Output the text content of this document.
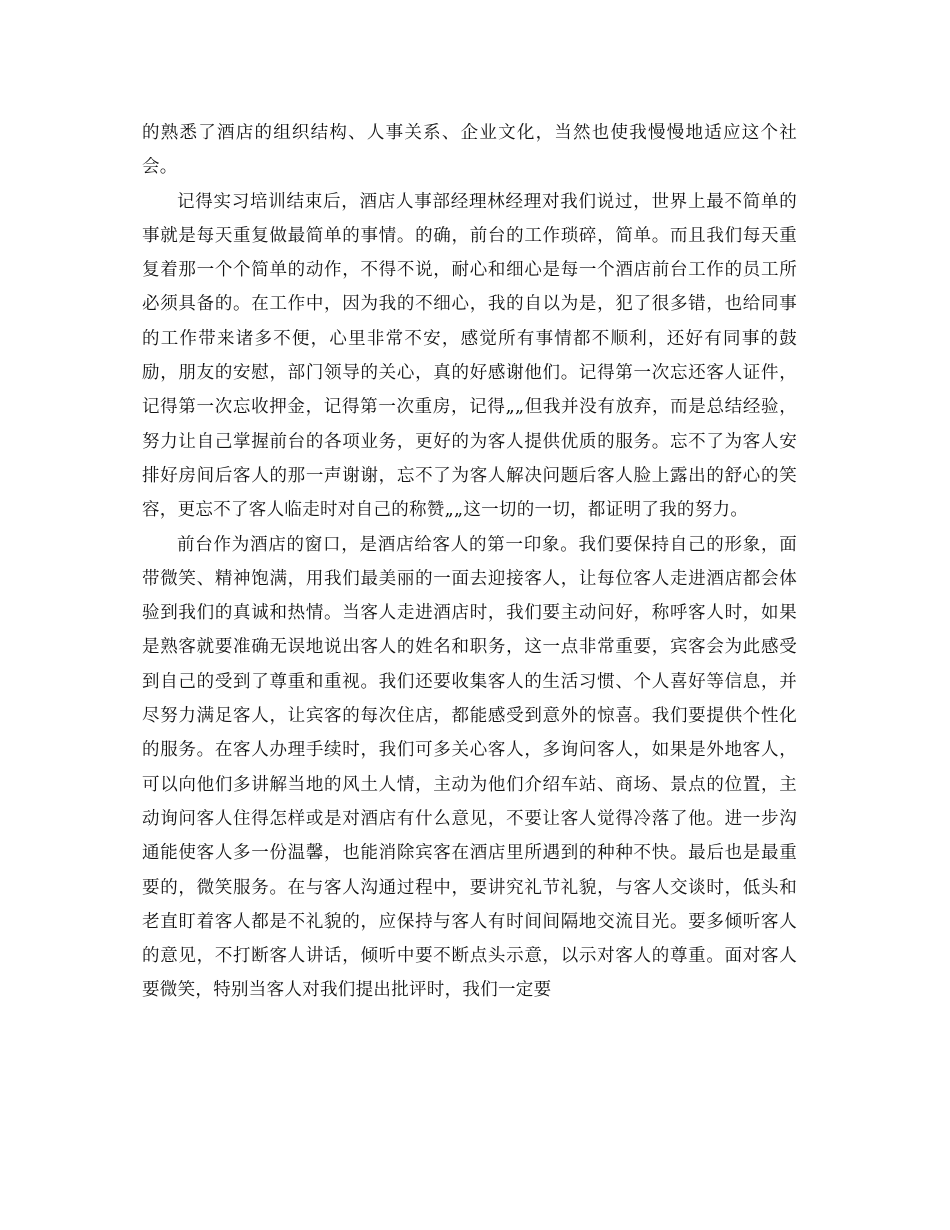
的熟悉了酒店的组织结构、人事关系、企业文化，当然也使我慢慢地适应这个社会。

记得实习培训结束后，酒店人事部经理林经理对我们说过，世界上最不简单的事就是每天重复做最简单的事情。的确，前台的工作琐碎，简单。而且我们每天重复着那一个个简单的动作，不得不说，耐心和细心是每一个酒店前台工作的员工所必须具备的。在工作中，因为我的不细心，我的自以为是，犯了很多错，也给同事的工作带来诸多不便，心里非常不安，感觉所有事情都不顺利，还好有同事的鼓励，朋友的安慰，部门领导的关心，真的好感谢他们。记得第一次忘还客人证件，记得第一次忘收押金，记得第一次重房，记得„„但我并没有放弃，而是总结经验，努力让自己掌握前台的各项业务，更好的为客人提供优质的服务。忘不了为客人安排好房间后客人的那一声谢谢，忘不了为客人解决问题后客人脸上露出的舒心的笑容，更忘不了客人临走时对自己的称赞„„这一切的一切，都证明了我的努力。

前台作为酒店的窗口，是酒店给客人的第一印象。我们要保持自己的形象，面带微笑、精神饱满，用我们最美丽的一面去迎接客人，让每位客人走进酒店都会体验到我们的真诚和热情。当客人走进酒店时，我们要主动问好，称呼客人时，如果是熟客就要准确无误地说出客人的姓名和职务，这一点非常重要，宾客会为此感受到自己的受到了尊重和重视。我们还要收集客人的生活习惯、个人喜好等信息，并尽努力满足客人，让宾客的每次住店，都能感受到意外的惊喜。我们要提供个性化的服务。在客人办理手续时，我们可多关心客人，多询问客人，如果是外地客人，可以向他们多讲解当地的风土人情，主动为他们介绍车站、商场、景点的位置，主动询问客人住得怎样或是对酒店有什么意见，不要让客人觉得冷落了他。进一步沟通能使客人多一份温馨，也能消除宾客在酒店里所遇到的种种不快。最后也是最重要的，微笑服务。在与客人沟通过程中，要讲究礼节礼貌，与客人交谈时，低头和老直盯着客人都是不礼貌的，应保持与客人有时间间隔地交流目光。要多倾听客人的意见，不打断客人讲话，倾听中要不断点头示意，以示对客人的尊重。面对客人要微笑，特别当客人对我们提出批评时，我们一定要
